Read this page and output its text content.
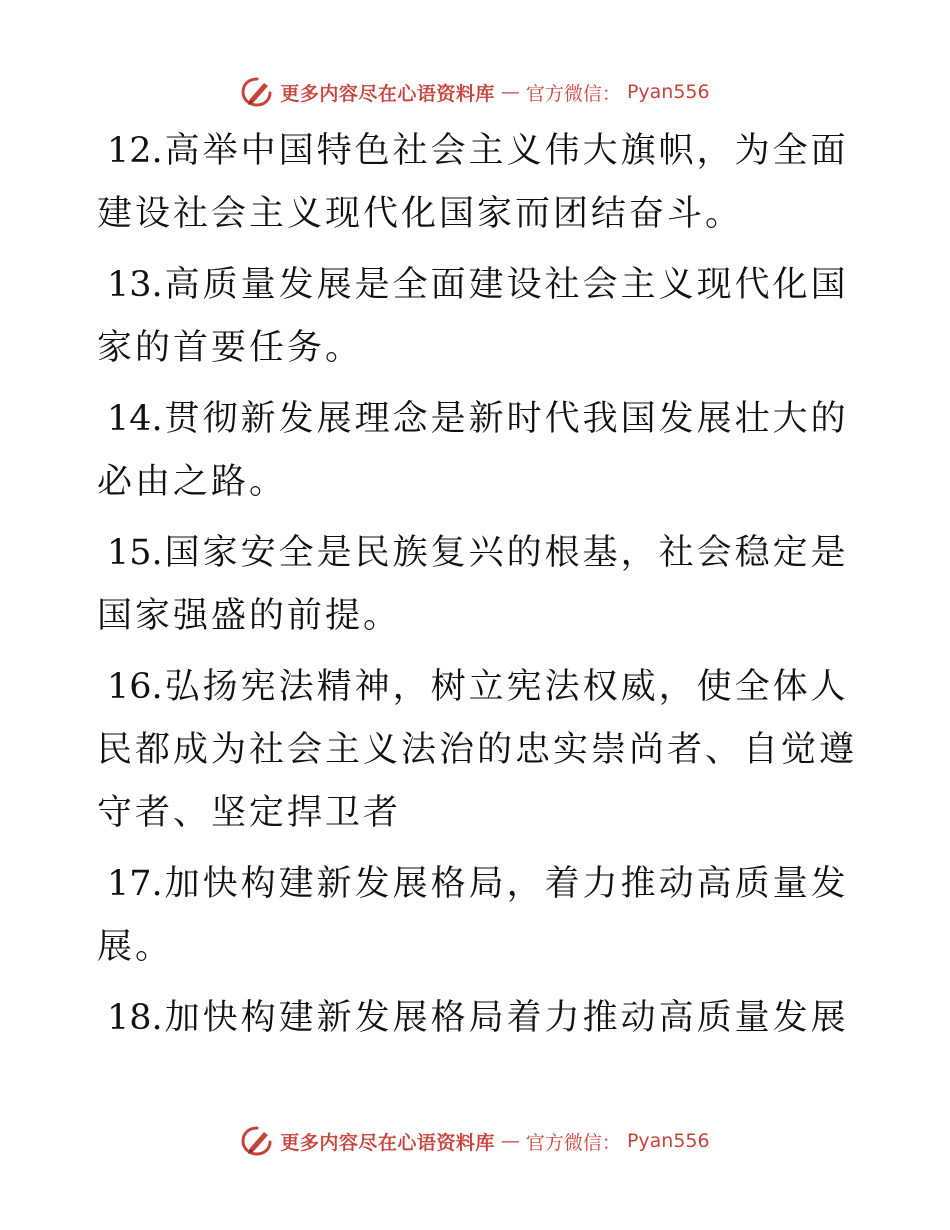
更多内容尽在心语资料库 — 官方微信： Pyan556

12.高举中国特色社会主义伟大旗帜，为全面建设社会主义现代化国家而团结奋斗。

13.高质量发展是全面建设社会主义现代化国家的首要任务。

14.贯彻新发展理念是新时代我国发展壮大的必由之路。

15.国家安全是民族复兴的根基，社会稳定是国家强盛的前提。

16.弘扬宪法精神，树立宪法权威，使全体人民都成为社会主义法治的忠实崇尚者、自觉遵守者、坚定捍卫者

17.加快构建新发展格局，着力推动高质量发展。

18.加快构建新发展格局着力推动高质量发展

更多内容尽在心语资料库 — 官方微信： Pyan556
